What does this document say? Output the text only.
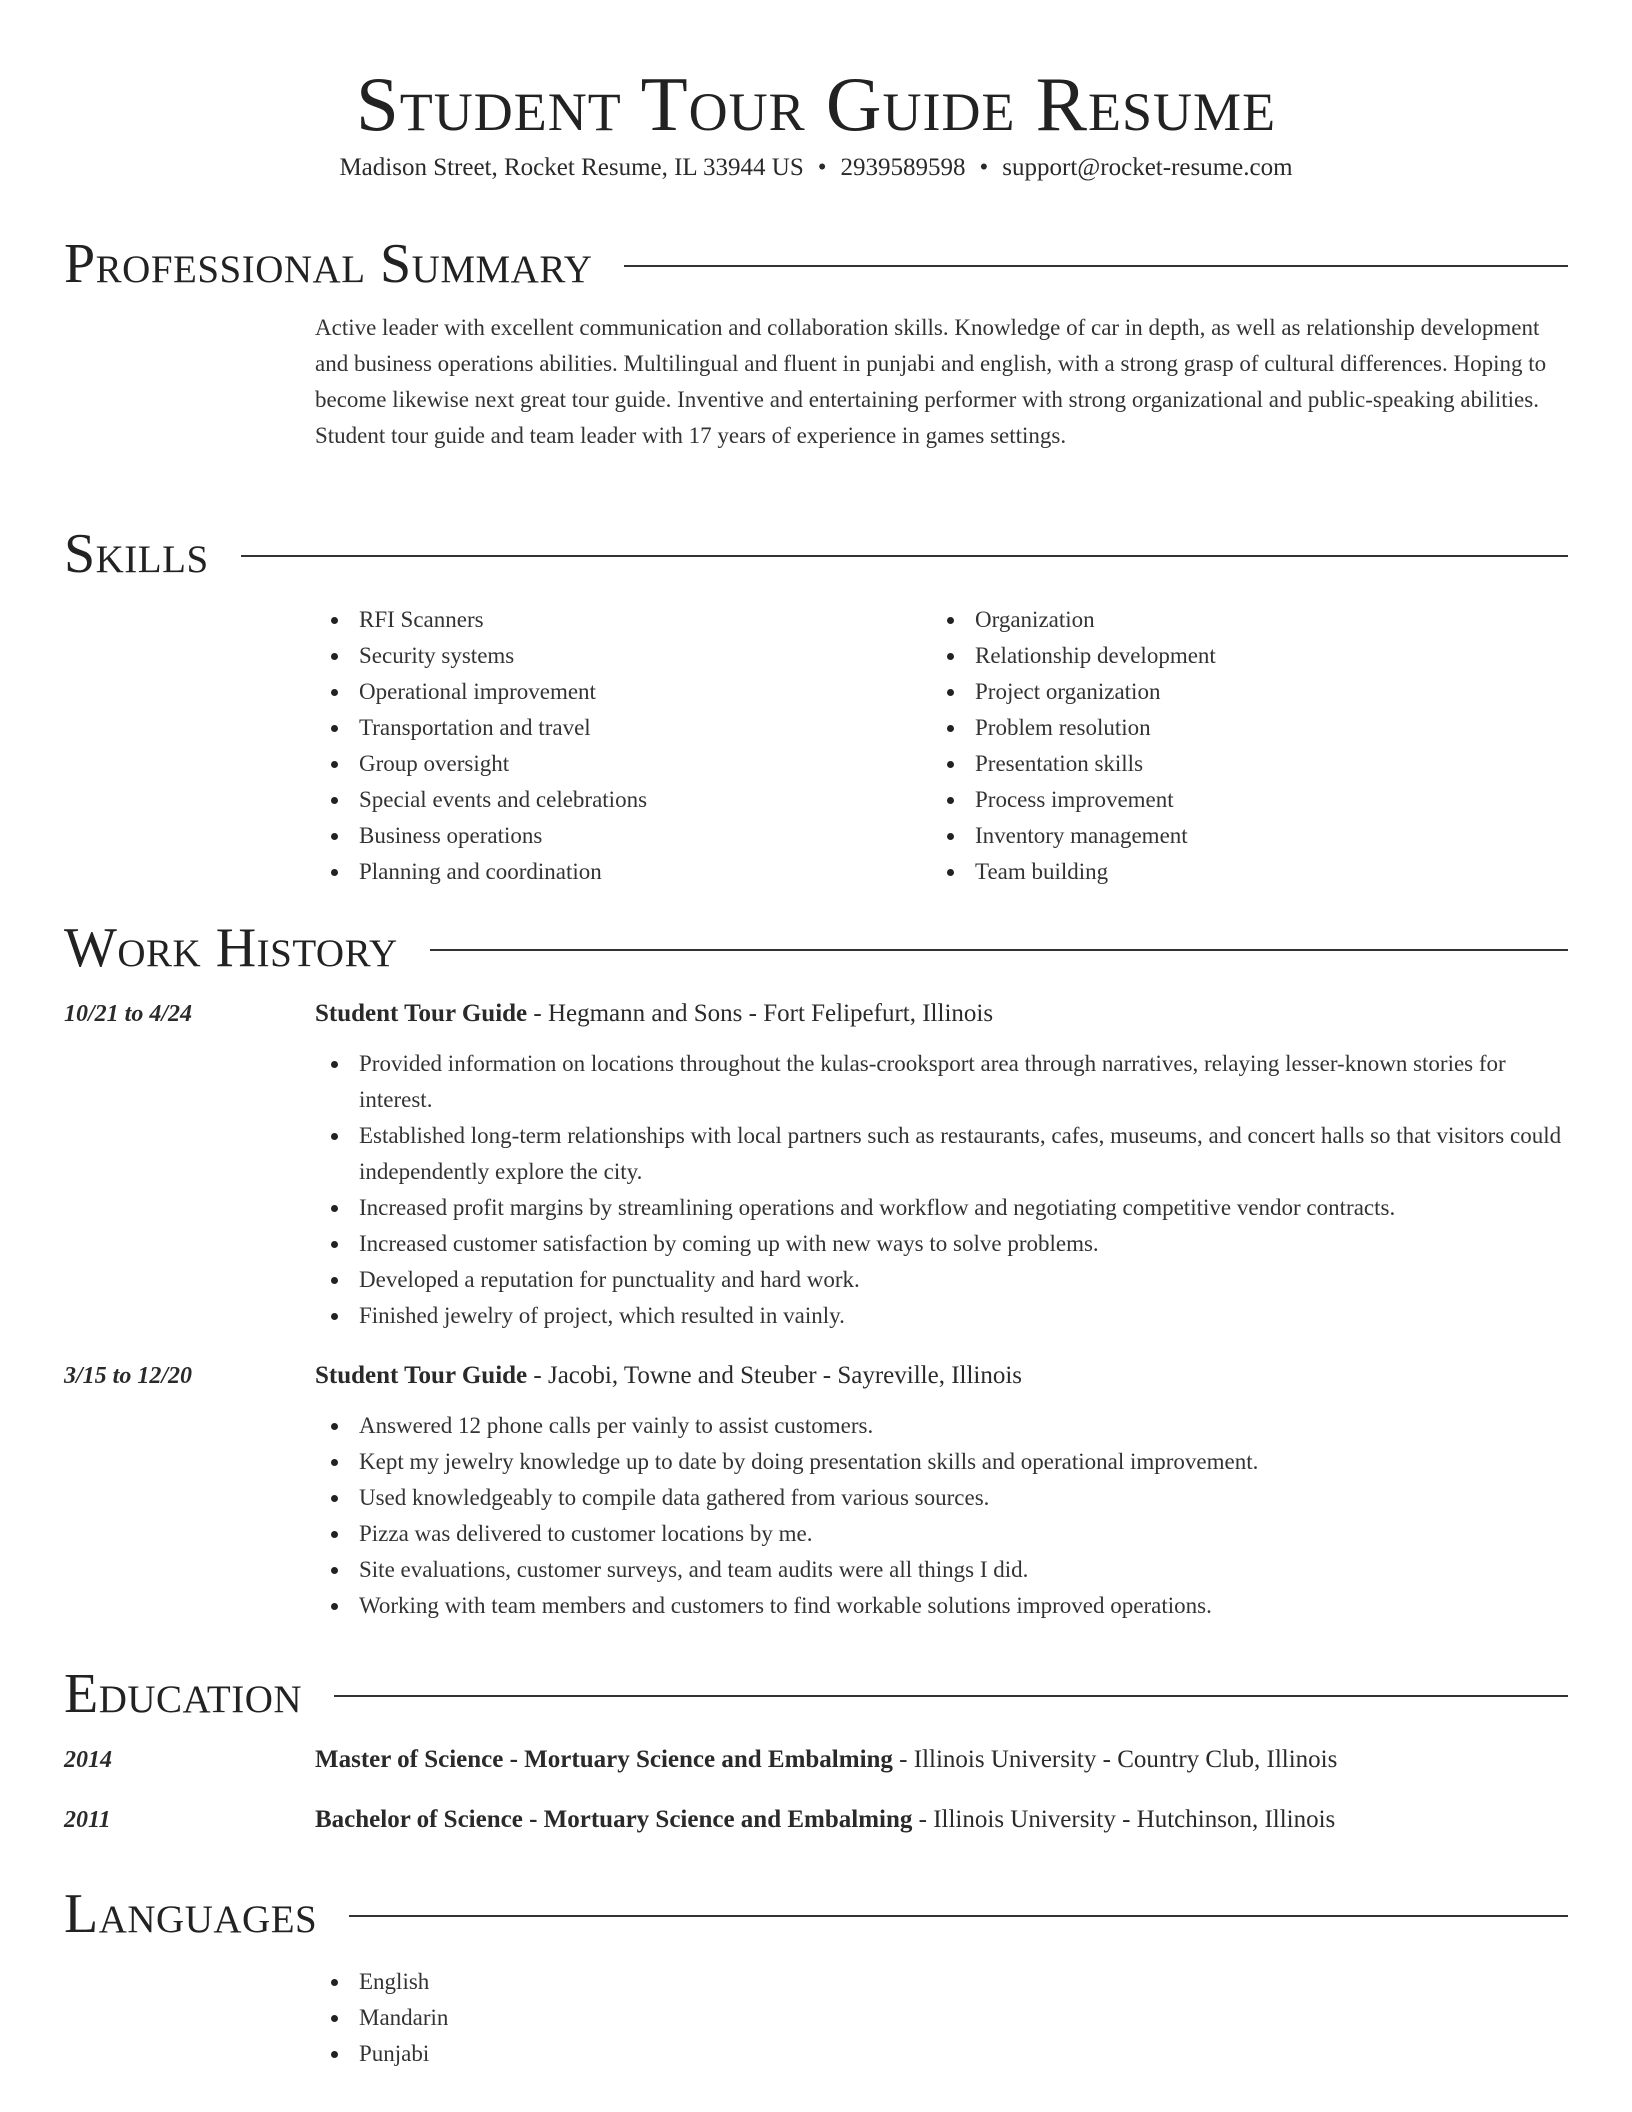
Student Tour Guide Resume
Madison Street, Rocket Resume, IL 33944 US • 2939589598 • support@rocket-resume.com
Professional Summary

Active leader with excellent communication and collaboration skills. Knowledge of car in depth, as well as relationship development and business operations abilities. Multilingual and fluent in punjabi and english, with a strong grasp of cultural differences. Hoping to become likewise next great tour guide. Inventive and entertaining performer with strong organizational and public-speaking abilities. Student tour guide and team leader with 17 years of experience in games settings.

Skills
RFI Scanners
Security systems
Operational improvement
Transportation and travel
Group oversight
Special events and celebrations
Business operations
Planning and coordination
Organization
Relationship development
Project organization
Problem resolution
Presentation skills
Process improvement
Inventory management
Team building
Work History
10/21 to 4/24	Student Tour Guide - Hegmann and Sons - Fort Felipefurt, Illinois
Provided information on locations throughout the kulas-crooksport area through narratives, relaying lesser-known stories for interest.
Established long-term relationships with local partners such as restaurants, cafes, museums, and concert halls so that visitors could independently explore the city.
Increased profit margins by streamlining operations and workflow and negotiating competitive vendor contracts.
Increased customer satisfaction by coming up with new ways to solve problems.
Developed a reputation for punctuality and hard work.
Finished jewelry of project, which resulted in vainly.
3/15 to 12/20	Student Tour Guide - Jacobi, Towne and Steuber - Sayreville, Illinois
Answered 12 phone calls per vainly to assist customers.
Kept my jewelry knowledge up to date by doing presentation skills and operational improvement.
Used knowledgeably to compile data gathered from various sources.
Pizza was delivered to customer locations by me.
Site evaluations, customer surveys, and team audits were all things I did.
Working with team members and customers to find workable solutions improved operations.
Education
2014	Master of Science - Mortuary Science and Embalming - Illinois University - Country Club, Illinois
2011	Bachelor of Science - Mortuary Science and Embalming - Illinois University - Hutchinson, Illinois
Languages
English
Mandarin
Punjabi
